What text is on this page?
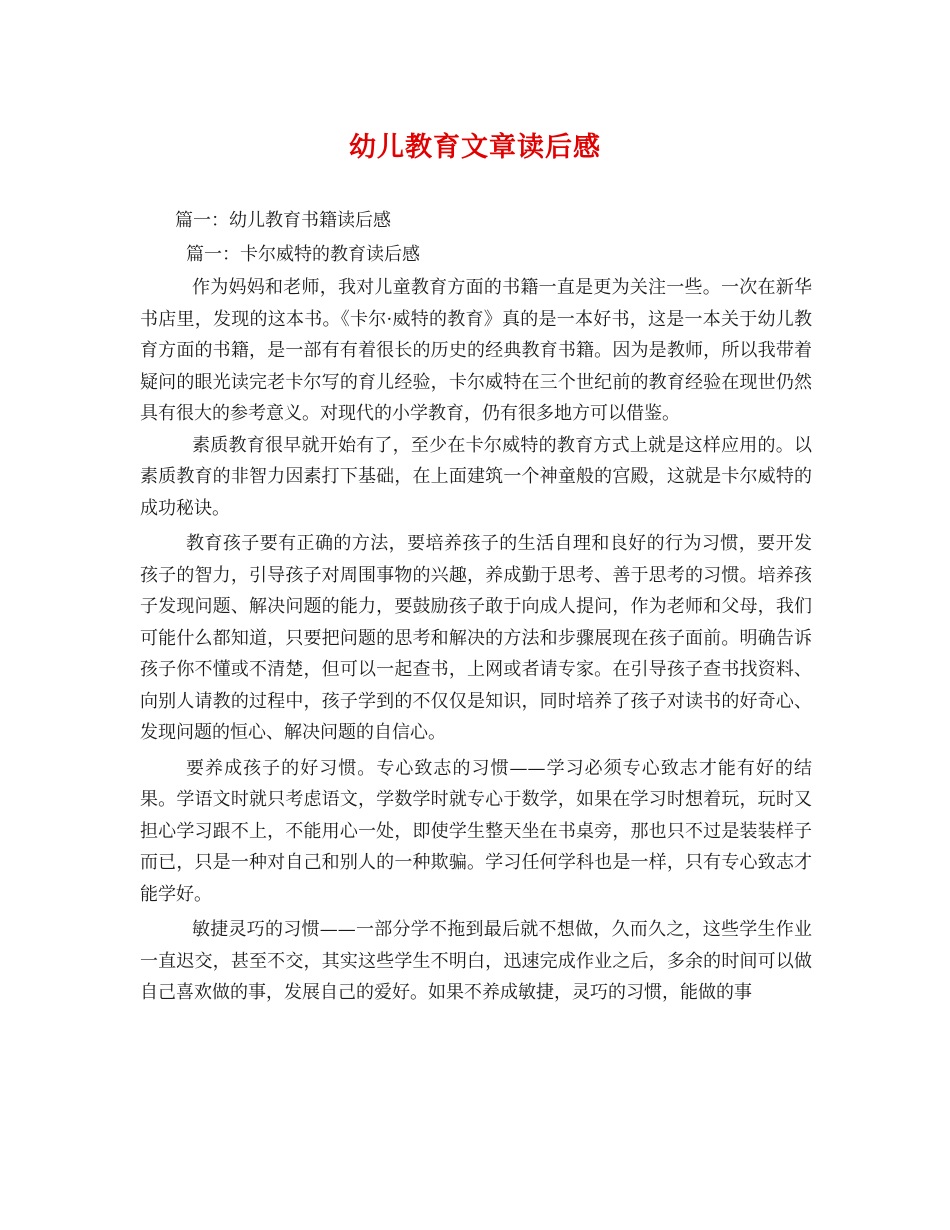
幼儿教育文章读后感
篇一：幼儿教育书籍读后感
篇一：卡尔威特的教育读后感

作为妈妈和老师，我对儿童教育方面的书籍一直是更为关注一些。一次在新华书店里，发现的这本书。《卡尔·威特的教育》真的是一本好书，这是一本关于幼儿教育方面的书籍，是一部有有着很长的历史的经典教育书籍。因为是教师，所以我带着疑问的眼光读完老卡尔写的育儿经验，卡尔威特在三个世纪前的教育经验在现世仍然具有很大的参考意义。对现代的小学教育，仍有很多地方可以借鉴。

素质教育很早就开始有了，至少在卡尔威特的教育方式上就是这样应用的。以素质教育的非智力因素打下基础，在上面建筑一个神童般的宫殿，这就是卡尔威特的成功秘诀。

教育孩子要有正确的方法，要培养孩子的生活自理和良好的行为习惯，要开发孩子的智力，引导孩子对周围事物的兴趣，养成勤于思考、善于思考的习惯。培养孩子发现问题、解决问题的能力，要鼓励孩子敢于向成人提问，作为老师和父母，我们可能什么都知道，只要把问题的思考和解决的方法和步骤展现在孩子面前。明确告诉孩子你不懂或不清楚，但可以一起查书，上网或者请专家。在引导孩子查书找资料、向别人请教的过程中，孩子学到的不仅仅是知识，同时培养了孩子对读书的好奇心、发现问题的恒心、解决问题的自信心。

要养成孩子的好习惯。专心致志的习惯——学习必须专心致志才能有好的结果。学语文时就只考虑语文，学数学时就专心于数学，如果在学习时想着玩，玩时又担心学习跟不上，不能用心一处，即使学生整天坐在书桌旁，那也只不过是装装样子而已，只是一种对自己和别人的一种欺骗。学习任何学科也是一样，只有专心致志才能学好。

敏捷灵巧的习惯——一部分学不拖到最后就不想做，久而久之，这些学生作业一直迟交，甚至不交，其实这些学生不明白，迅速完成作业之后，多余的时间可以做自己喜欢做的事，发展自己的爱好。如果不养成敏捷，灵巧的习惯，能做的事
